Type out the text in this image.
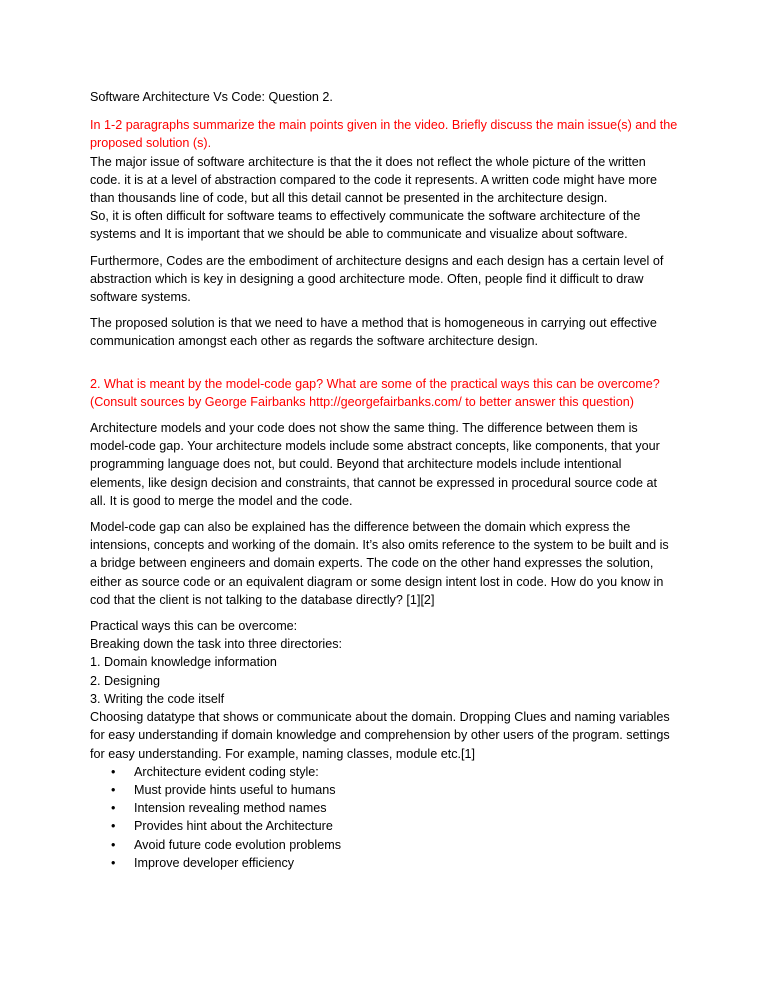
Software Architecture Vs Code: Question 2.
In 1-2 paragraphs summarize the main points given in the video. Briefly discuss the main issue(s) and the
proposed solution (s).
The major issue of software architecture is that the it does not reflect the whole picture of the written
code. it is at a level of abstraction compared to the code it represents. A written code might have more
than thousands line of code, but all this detail cannot be presented in the architecture design.
So, it is often difficult for software teams to effectively communicate the software architecture of the
systems and It is important that we should be able to communicate and visualize about software.
Furthermore, Codes are the embodiment of architecture designs and each design has a certain level of
abstraction which is key in designing a good architecture mode. Often, people find it difficult to draw
software systems.
The proposed solution is that we need to have a method that is homogeneous in carrying out effective
communication amongst each other as regards the software architecture design.
2. What is meant by the model-code gap? What are some of the practical ways this can be overcome?
(Consult sources by George Fairbanks http://georgefairbanks.com/ to better answer this question)
Architecture models and your code does not show the same thing. The difference between them is
model-code gap. Your architecture models include some abstract concepts, like components, that your
programming language does not, but could. Beyond that architecture models include intentional
elements, like design decision and constraints, that cannot be expressed in procedural source code at
all. It is good to merge the model and the code.
Model-code gap can also be explained has the difference between the domain which express the
intensions, concepts and working of the domain. It’s also omits reference to the system to be built and is
a bridge between engineers and domain experts. The code on the other hand expresses the solution,
either as source code or an equivalent diagram or some design intent lost in code. How do you know in
cod that the client is not talking to the database directly? [1][2]
Practical ways this can be overcome:
Breaking down the task into three directories:
1. Domain knowledge information
2. Designing
3. Writing the code itself
Choosing datatype that shows or communicate about the domain. Dropping Clues and naming variables
for easy understanding if domain knowledge and comprehension by other users of the program. settings
for easy understanding. For example, naming classes, module etc.[1]
• Architecture evident coding style:
• Must provide hints useful to humans
• Intension revealing method names
• Provides hint about the Architecture
• Avoid future code evolution problems
• Improve developer efficiency
